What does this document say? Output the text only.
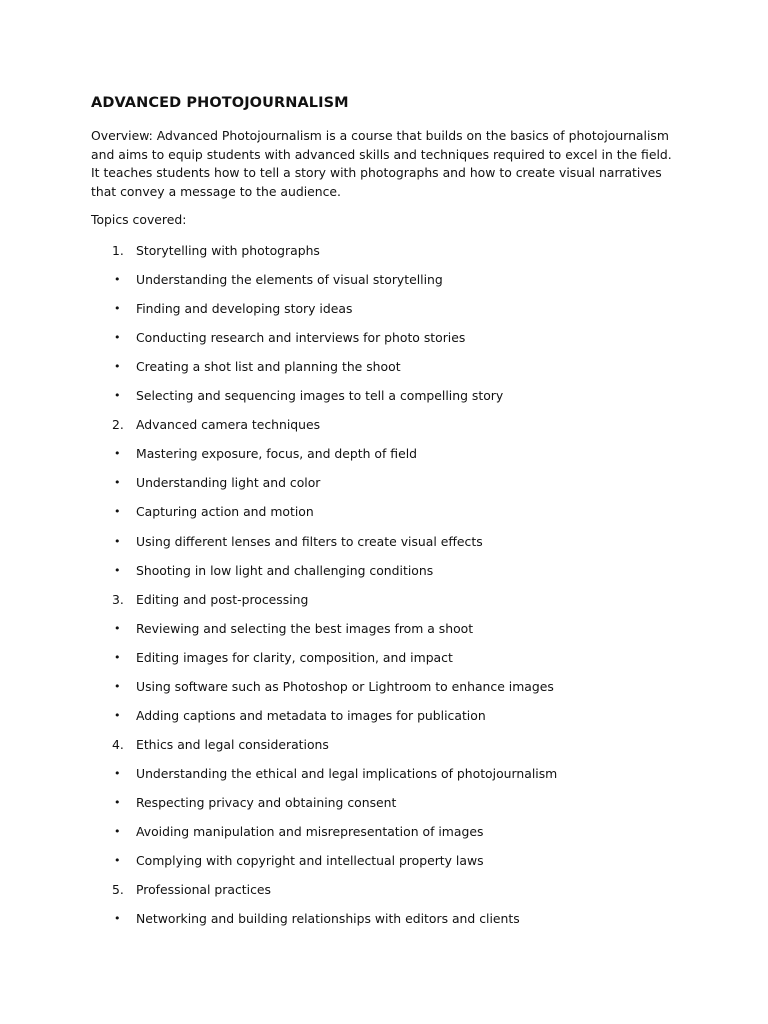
ADVANCED PHOTOJOURNALISM
Overview: Advanced Photojournalism is a course that builds on the basics of photojournalism and aims to equip students with advanced skills and techniques required to excel in the field. It teaches students how to tell a story with photographs and how to create visual narratives that convey a message to the audience.
Topics covered:
1. Storytelling with photographs
• Understanding the elements of visual storytelling
• Finding and developing story ideas
• Conducting research and interviews for photo stories
• Creating a shot list and planning the shoot
• Selecting and sequencing images to tell a compelling story
2. Advanced camera techniques
• Mastering exposure, focus, and depth of field
• Understanding light and color
• Capturing action and motion
• Using different lenses and filters to create visual effects
• Shooting in low light and challenging conditions
3. Editing and post-processing
• Reviewing and selecting the best images from a shoot
• Editing images for clarity, composition, and impact
• Using software such as Photoshop or Lightroom to enhance images
• Adding captions and metadata to images for publication
4. Ethics and legal considerations
• Understanding the ethical and legal implications of photojournalism
• Respecting privacy and obtaining consent
• Avoiding manipulation and misrepresentation of images
• Complying with copyright and intellectual property laws
5. Professional practices
• Networking and building relationships with editors and clients
